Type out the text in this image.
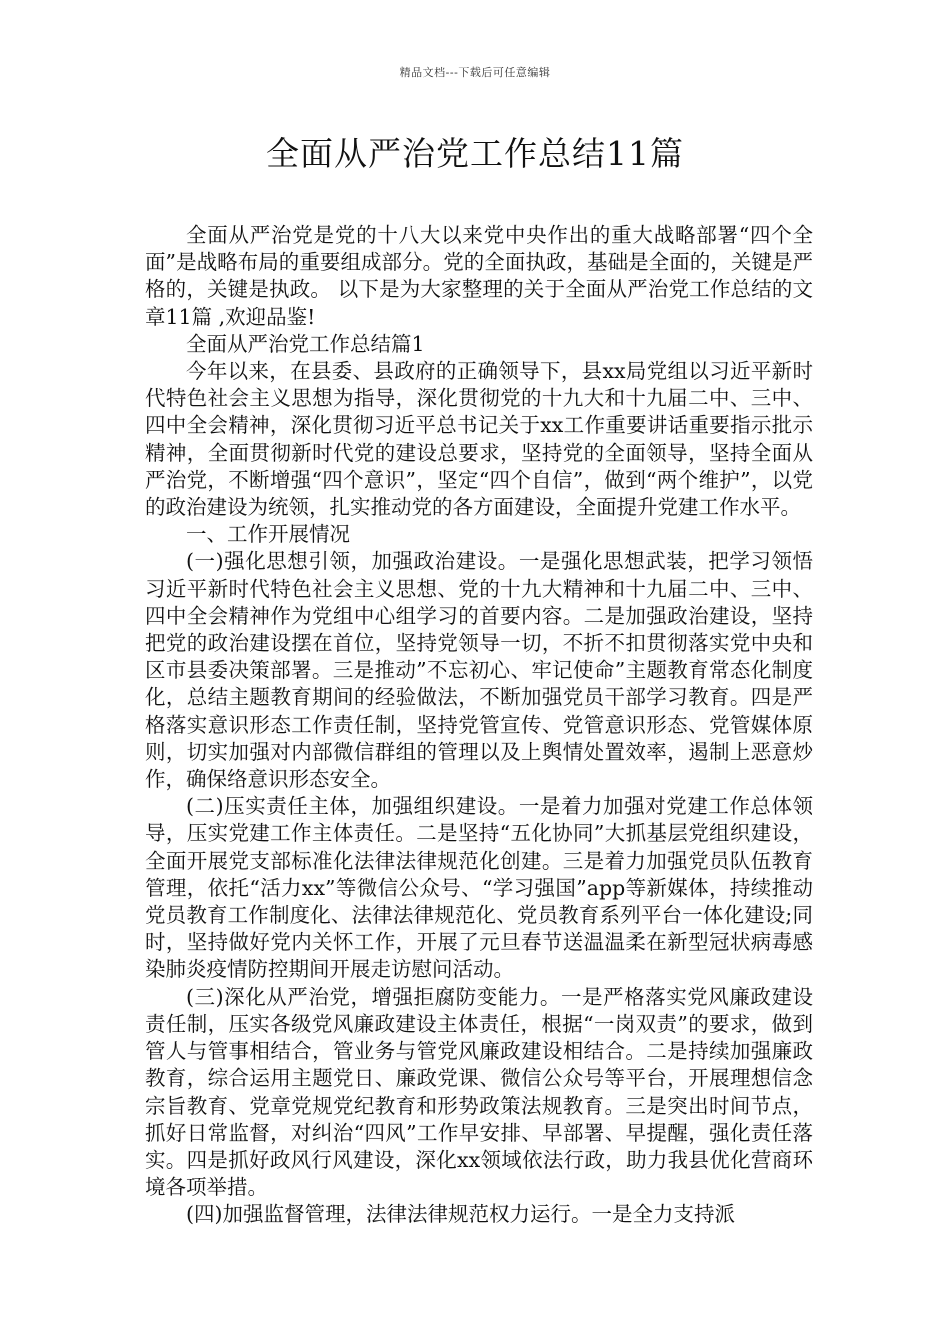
精品文档---下载后可任意编辑
全面从严治党工作总结11篇

全面从严治党是党的十八大以来党中央作出的重大战略部署“四个全面”是战略布局的重要组成部分。党的全面执政，基础是全面的，关键是严格的，关键是执政。 以下是为大家整理的关于全面从严治党工作总结的文章11篇 ,欢迎品鉴!

全面从严治党工作总结篇1

今年以来，在县委、县政府的正确领导下，县xx局党组以习近平新时代特色社会主义思想为指导，深化贯彻党的十九大和十九届二中、三中、四中全会精神，深化贯彻习近平总书记关于xx工作重要讲话重要指示批示精神，全面贯彻新时代党的建设总要求，坚持党的全面领导，坚持全面从严治党，不断增强“四个意识”，坚定“四个自信”，做到“两个维护”，以党的政治建设为统领，扎实推动党的各方面建设，全面提升党建工作水平。

一、工作开展情况

(一)强化思想引领，加强政治建设。一是强化思想武装，把学习领悟习近平新时代特色社会主义思想、党的十九大精神和十九届二中、三中、四中全会精神作为党组中心组学习的首要内容。二是加强政治建设，坚持把党的政治建设摆在首位，坚持党领导一切，不折不扣贯彻落实党中央和区市县委决策部署。三是推动”不忘初心、牢记使命”主题教育常态化制度化，总结主题教育期间的经验做法，不断加强党员干部学习教育。四是严格落实意识形态工作责任制，坚持党管宣传、党管意识形态、党管媒体原则，切实加强对内部微信群组的管理以及上舆情处置效率，遏制上恶意炒作，确保络意识形态安全。

(二)压实责任主体，加强组织建设。一是着力加强对党建工作总体领导，压实党建工作主体责任。二是坚持“五化协同”大抓基层党组织建设，全面开展党支部标准化法律法律规范化创建。三是着力加强党员队伍教育管理，依托“活力xx”等微信公众号、“学习强国”app等新媒体，持续推动党员教育工作制度化、法律法律规范化、党员教育系列平台一体化建设;同时，坚持做好党内关怀工作，开展了元旦春节送温温柔在新型冠状病毒感染肺炎疫情防控期间开展走访慰问活动。

(三)深化从严治党，增强拒腐防变能力。一是严格落实党风廉政建设责任制，压实各级党风廉政建设主体责任，根据“一岗双责”的要求，做到管人与管事相结合，管业务与管党风廉政建设相结合。二是持续加强廉政教育，综合运用主题党日、廉政党课、微信公众号等平台，开展理想信念宗旨教育、党章党规党纪教育和形势政策法规教育。三是突出时间节点，抓好日常监督，对纠治“四风”工作早安排、早部署、早提醒，强化责任落实。四是抓好政风行风建设，深化xx领域依法行政，助力我县优化营商环境各项举措。

(四)加强监督管理，法律法律规范权力运行。一是全力支持派
